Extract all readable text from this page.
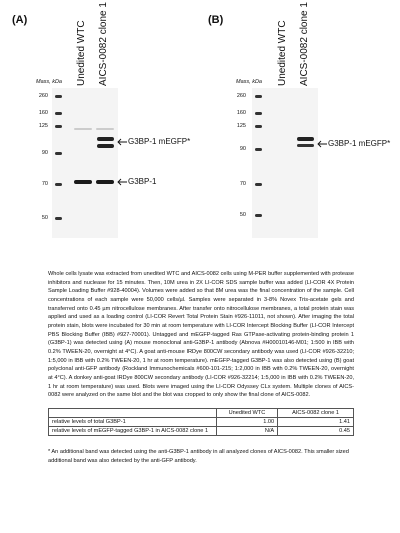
(A)
Unedited WTC AICS-0082 clone 1
Mass, kDa
260
160
125
90
70
50
G3BP-1 mEGFP*
G3BP-1
(B)
Unedited WTC AICS-0082 clone 1
Mass, kDa
260
160
125
90
70
50
G3BP-1 mEGFP*
Whole cells lysate was extracted from unedited WTC and AICS-0082 cells using M-PER buffer supplemented with protease inhibitors and nuclease for 15 minutes. Then, 10M urea in 2X LI-COR SDS sample buffer was added (LI-COR 4X Protein Sample Loading Buffer #928-40004). Volumes were added so that 8M urea was the final concentration of the sample. Cell concentrations of each sample were 50,000 cells/µl. Samples were separated in 3-8% Novex Tris-acetate gels and transferred onto 0.45 µm nitrocellulose membranes. After transfer onto nitrocellulose membranes, a total protein stain was applied and used as a loading control (LI-COR Revert Total Protein Stain #926-11011, not shown). After imaging the total protein stain, blots were incubated for 30 min at room temperature with LI-COR Intercept Blocking Buffer (LI-COR Intercept PBS Blocking Buffer (IBB) #927-70001). Untagged and mEGFP-tagged Ras GTPase-activating protein-binding protein 1 (G3BP-1) was detected using (A) mouse monoclonal anti-G3BP-1 antibody (Abnova #H00010146-M01; 1:500 in IBB with 0.2% TWEEN-20, overnight at 4°C). A goat anti-mouse IRDye 800CW secondary antibody was used (LI-COR #926-32210; 1:5,000 in IBB with 0.2% TWEEN-20, 1 hr at room temperature). mEGFP-tagged G3BP-1 was also detected using (B) goat polyclonal anti-GFP antibody (Rockland Immunochemicals #600-101-215; 1:2,000 in IBB with 0.2% TWEEN-20, overnight at 4°C). A donkey anti-goat IRDye 800CW secondary antibody (LI-COR #926-32214; 1:5,000 in IBB with 0.2% TWEEN-20, 1 hr at room temperature) was used. Blots were imaged using the LI-COR Odyssey CLx system. Multiple clones of AICS-0082 were analyzed on the same blot and the blot was cropped to only show the final clone of AICS-0082.
	Unedited WTC	AICS-0082 clone 1
relative levels of total G3BP-1	1.00	1.41
relative levels of mEGFP-tagged G3BP-1 in AICS-0082 clone 1	N/A	0.45
* An additional band was detected using the anti-G3BP-1 antibody in all analyzed clones of AICS-0082. This smaller sized additional band was also detected by the anti-GFP antibody.
